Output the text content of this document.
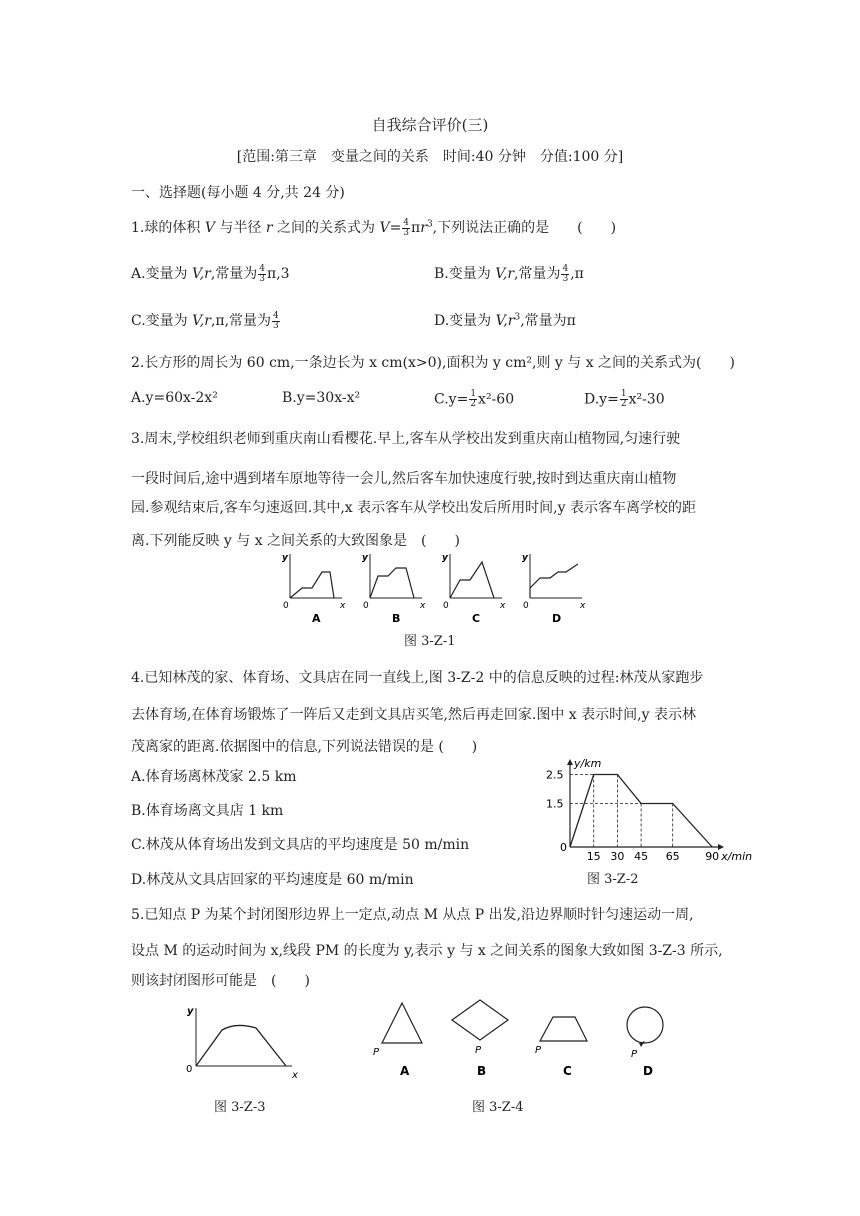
自我综合评价(三)
[范围:第三章　变量之间的关系　时间:40 分钟　分值:100 分]
一、选择题(每小题 4 分,共 24 分)
1.球的体积 V 与半径 r 之间的关系式为 $V= \frac{4}{3} \pi r^3$,下列说法正确的是　　(　　)
A.变量为 V,r,常量为 $\frac{4}{3} \pi,3$	B.变量为 V,r,常量为 $\frac{4}{3} ,\pi$
C.变量为 V,r,π,常量为 $\frac{4}{3}$	D.变量为 $V,r^3$,常量为π
2.长方形的周长为 60 cm,一条边长为 x cm(x>0),面积为 y cm²,则 y 与 x 之间的关系式为(　　)
A.y=60x-2x²	B.y=30x-x²	$C.y= \frac{1}{2} x^2-60$	$D.y= \frac{1}{2} x^2-30$
3.周末,学校组织老师到重庆南山看樱花.早上,客车从学校出发到重庆南山植物园,匀速行驶
一段时间后,途中遇到堵车原地等待一会儿,然后客车加快速度行驶,按时到达重庆南山植物
园.参观结束后,客车匀速返回.其中,x 表示客车从学校出发后所用时间,y 表示客车离学校的距
离.下列能反映 y 与 x 之间关系的大致图象是　(　　)
y
0	x
A
y
0	x
B
y
0	x
C
y
0	x
D
图 3-Z-1
4.已知林茂的家、体育场、文具店在同一直线上,图 3-Z-2 中的信息反映的过程:林茂从家跑步
去体育场,在体育场锻炼了一阵后又走到文具店买笔,然后再走回家.图中 x 表示时间,y 表示林
茂离家的距离.依据图中的信息,下列说法错误的是 (　　)
A.体育场离林茂家 2.5 km
B.体育场离文具店 1 km
C.林茂从体育场出发到文具店的平均速度是 50 m/min
D.林茂从文具店回家的平均速度是 60 m/min
y/km
0
2.5
1.5
15 30 45 65 90 x/min
图 3-Z-2
5.已知点 P 为某个封闭图形边界上一定点,动点 M 从点 P 出发,沿边界顺时针匀速运动一周,
设点 M 的运动时间为 x,线段 PM 的长度为 y,表示 y 与 x 之间关系的图象大致如图 3-Z-3 所示,
则该封闭图形可能是　(　　)
y
0
x
图 3-Z-3
P
A
P
B
P
C
P
D
图 3-Z-4
